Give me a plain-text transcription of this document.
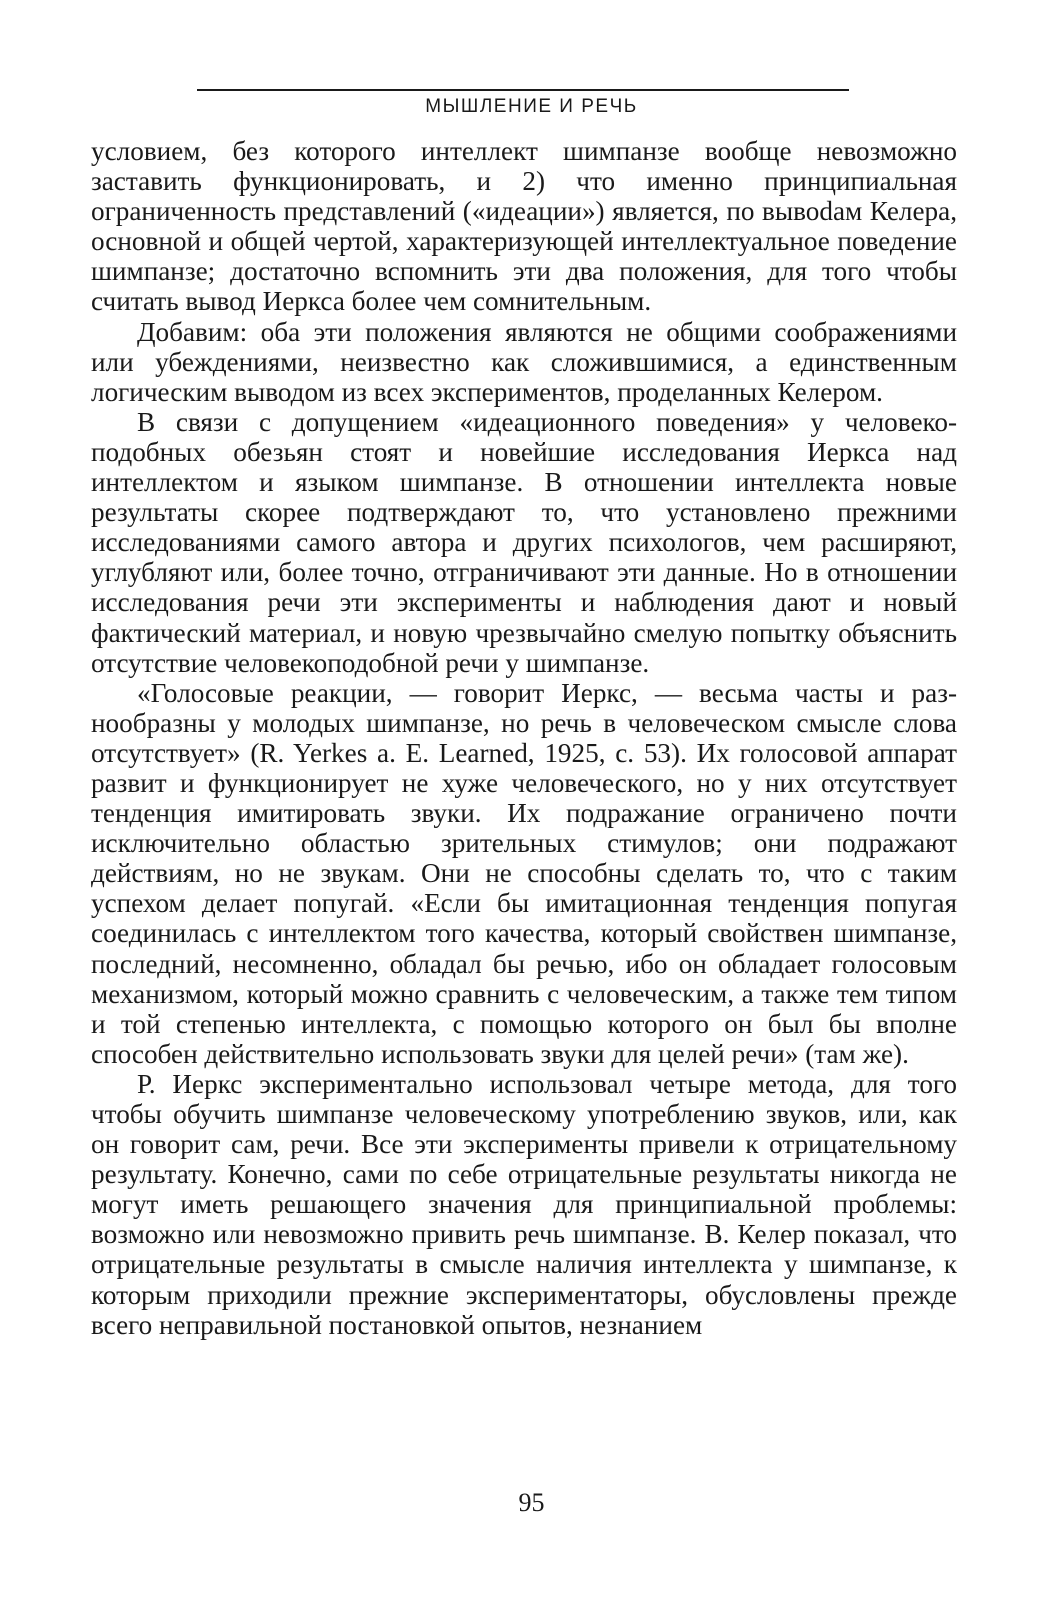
МЫШЛЕНИЕ И РЕЧЬ

условием, без которого интеллект шимпанзе вообще невозможно заставить функционировать, и 2) что именно принципиальная ограниченность представлений («идеации») является, по вывоdам Келера, основной и общей чертой, характеризующей интеллектуальное поведение шимпанзе; достаточно вспомнить эти два положения, для того чтобы считать вывод Иеркса более чем сомнительным.

Добавим: оба эти положения являются не общими соображениями или убеждениями, неизвестно как сложившимися, а единственным логическим выводом из всех экспериментов, проделанных Келером.

В связи с допущением «идеационного поведения» у человекоподобных обезьян стоят и новейшие исследования Иеркса над интеллектом и языком шимпанзе. В отношении интеллекта новые результаты скорее подтверждают то, что установлено прежними исследованиями самого автора и других психологов, чем расширяют, углубляют или, более точно, отграничивают эти данные. Но в отношении исследования речи эти эксперименты и наблюдения дают и новый фактический материал, и новую чрезвычайно смелую попытку объяснить отсутствие человекоподобной речи у шимпанзе.

«Голосовые реакции, — говорит Иеркс, — весьма часты и разнообразны у молодых шимпанзе, но речь в человеческом смысле слова отсутствует» (R. Yerkes a. E. Learned, 1925, с. 53). Их голосовой аппарат развит и функционирует не хуже человеческого, но у них отсутствует тенденция имитировать звуки. Их подражание ограничено почти исключительно областью зрительных стимулов; они подражают действиям, но не звукам. Они не способны сделать то, что с таким успехом делает попугай. «Если бы имитационная тенденция попугая соединилась с интеллектом того качества, который свойствен шимпанзе, последний, несомненно, обладал бы речью, ибо он обладает голосовым механизмом, который можно сравнить с человеческим, а также тем типом и той степенью интеллекта, с помощью которого он был бы вполне способен действительно использовать звуки для целей речи» (там же).

Р. Иеркс экспериментально использовал четыре метода, для того чтобы обучить шимпанзе человеческому употреблению звуков, или, как он говорит сам, речи. Все эти эксперименты привели к отрицательному результату. Конечно, сами по себе отрицательные результаты никогда не могут иметь решающего значения для принципиальной проблемы: возможно или невозможно привить речь шимпанзе. В. Келер показал, что отрицательные результаты в смысле наличия интеллекта у шимпанзе, к которым приходили прежние экспериментаторы, обусловлены прежде всего неправильной постановкой опытов, незнанием

95
